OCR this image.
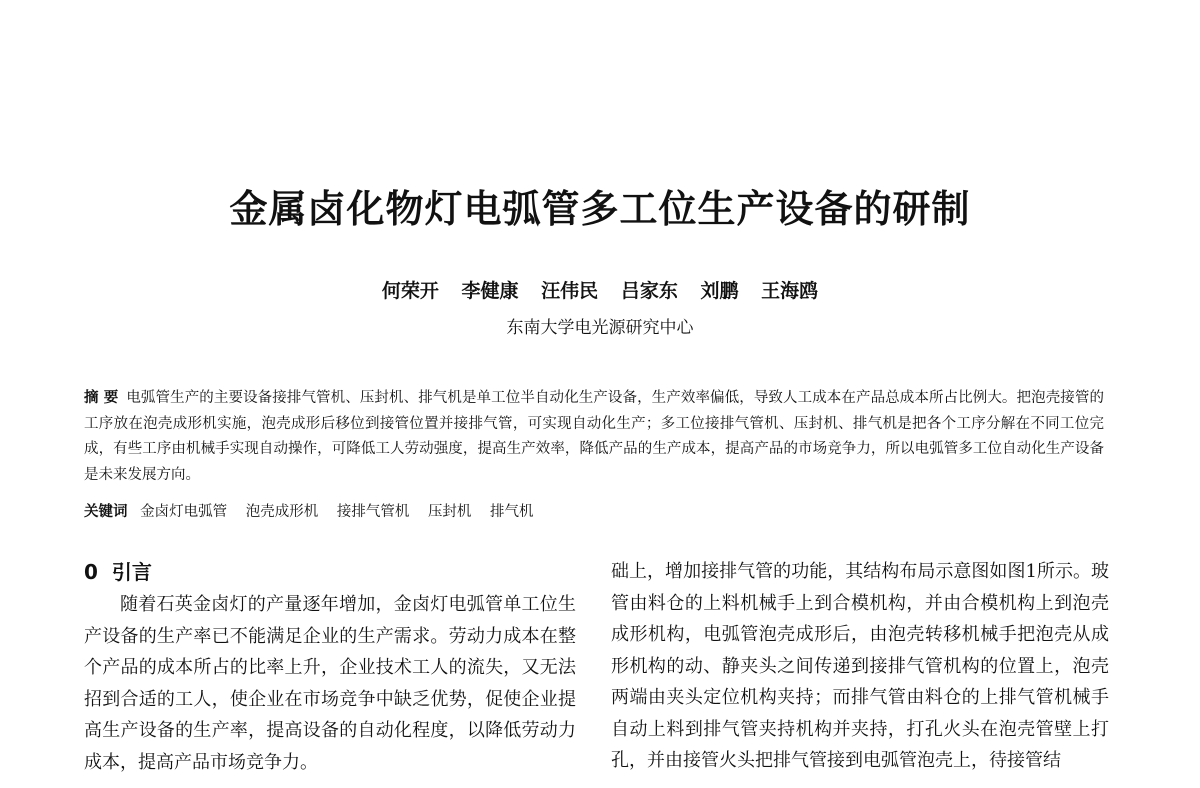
金属卤化物灯电弧管多工位生产设备的研制
何荣开 李健康 汪伟民 吕家东 刘鹏 王海鸥
东南大学电光源研究中心
摘 要 电弧管生产的主要设备接排气管机、压封机、排气机是单工位半自动化生产设备，生产效率偏低，导致人工成本在产品总成本所占比例大。把泡壳接管的工序放在泡壳成形机实施，泡壳成形后移位到接管位置并接排气管，可实现自动化生产；多工位接排气管机、压封机、排气机是把各个工序分解在不同工位完成，有些工序由机械手实现自动操作，可降低工人劳动强度，提高生产效率，降低产品的生产成本，提高产品的市场竞争力，所以电弧管多工位自动化生产设备是未来发展方向。
关键词 金卤灯电弧管 泡壳成形机 接排气管机 压封机 排气机
0 引言

随着石英金卤灯的产量逐年增加，金卤灯电弧管单工位生产设备的生产率已不能满足企业的生产需求。劳动力成本在整个产品的成本所占的比率上升，企业技术工人的流失，又无法招到合适的工人，使企业在市场竞争中缺乏优势，促使企业提高生产设备的生产率，提高设备的自动化程度，以降低劳动力成本，提高产品市场竞争力。

础上，增加接排气管的功能，其结构布局示意图如图1所示。玻管由料仓的上料机械手上到合模机构，并由合模机构上到泡壳成形机构，电弧管泡壳成形后，由泡壳转移机械手把泡壳从成形机构的动、静夹头之间传递到接排气管机构的位置上，泡壳两端由夹头定位机构夹持；而排气管由料仓的上排气管机械手自动上料到排气管夹持机构并夹持，打孔火头在泡壳管壁上打孔，并由接管火头把排气管接到电弧管泡壳上，待接管结
